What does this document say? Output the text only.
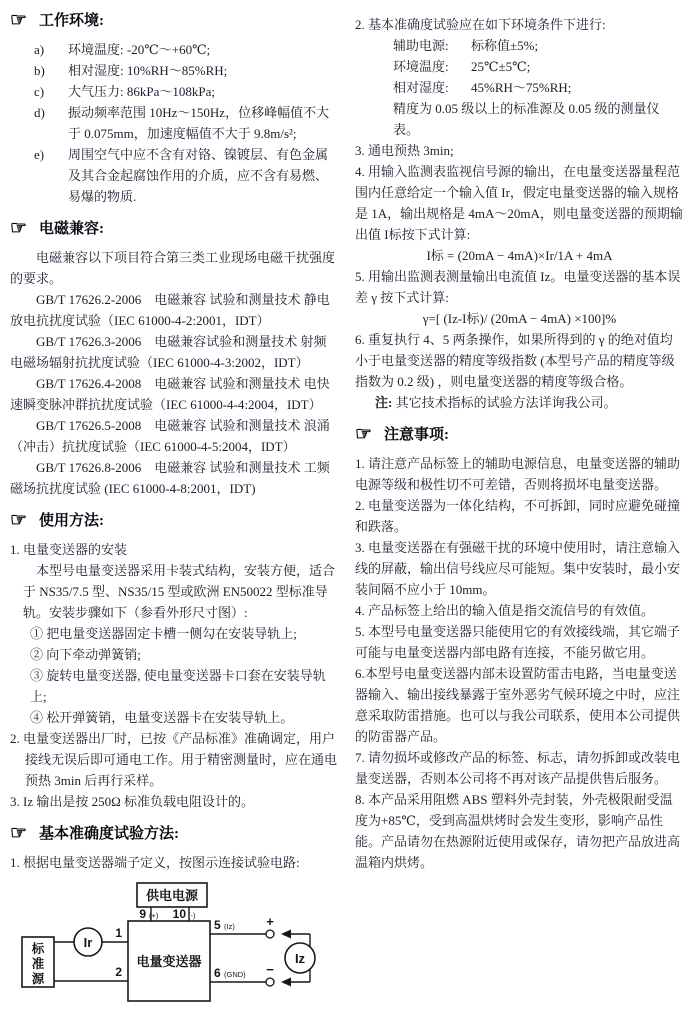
☞ 工作环境:
a)	环境温度: -20℃～+60℃;
b)	相对湿度: 10%RH～85%RH;
c)	大气压力: 86kPa～108kPa;
d)	振动频率范围 10Hz～150Hz，位移峰幅值不大于 0.075mm，加速度幅值不大于 9.8m/s²;
e)	周围空气中应不含有对铬、镍镀层、有色金属及其合金起腐蚀作用的介质，应不含有易燃、易爆的物质.
☞ 电磁兼容:

电磁兼容以下项目符合第三类工业现场电磁干扰强度的要求。

GB/T 17626.2-2006　电磁兼容 试验和测量技术 静电放电抗扰度试验（IEC 61000-4-2:2001，IDT）

GB/T 17626.3-2006　电磁兼容试验和测量技术 射频电磁场辐射抗扰度试验（IEC 61000-4-3:2002，IDT）

GB/T 17626.4-2008　电磁兼容 试验和测量技术 电快速瞬变脉冲群抗扰度试验（IEC 61000-4-4:2004，IDT）

GB/T 17626.5-2008　电磁兼容 试验和测量技术 浪涌（冲击）抗扰度试验（IEC 61000-4-5:2004，IDT）

GB/T 17626.8-2006　电磁兼容 试验和测量技术 工频磁场抗扰度试验 (IEC 61000-4-8:2001，IDT)

☞ 使用方法:

1. 电量变送器的安装

本型号电量变送器采用卡装式结构，安装方便，适合于 NS35/7.5 型、NS35/15 型或欧洲 EN50022 型标准导轨。安装步骤如下（参看外形尺寸图）:

① 把电量变送器固定卡槽一侧勾在安装导轨上;

② 向下牵动弹簧销;

③ 旋转电量变送器, 使电量变送器卡口套在安装导轨上;

④ 松开弹簧销，电量变送器卡在安装导轨上。

2. 电量变送器出厂时，已按《产品标准》准确调定，用户接线无误后即可通电工作。用于精密测量时，应在通电预热 3min 后再行采样。

3. Iz 输出是按 250Ω 标准负载电阻设计的。

☞ 基本准确度试验方法:

1. 根据电量变送器端子定义，按图示连接试验电路:

供电电源
电量变送器
9 (+) 10 (-)
标
准
源
Ir
1
2
5 (Iz) +
6 (GND) −
Iz

2. 基本准确度试验应在如下环境条件下进行:

辅助电源:	标称值±5%;
环境温度:	25℃±5℃;
相对湿度:	45%RH～75%RH;

精度为 0.05 级以上的标准源及 0.05 级的测量仪表。

3. 通电预热 3min;

4. 用输入监测表监视信号源的输出，在电量变送器量程范围内任意给定一个输入值 Ir，假定电量变送器的输入规格是 1A，输出规格是 4mA～20mA，则电量变送器的预期输出值 I标按下式计算:

I标 = (20mA − 4mA)×Ir/1A + 4mA

5. 用输出监测表测量输出电流值 Iz。电量变送器的基本误差 γ 按下式计算:

γ=[ (Iz-I标)/ (20mA − 4mA) ×100]%

6. 重复执行 4、5 两条操作，如果所得到的 γ 的绝对值均小于电量变送器的精度等级指数 (本型号产品的精度等级指数为 0.2 级) ，则电量变送器的精度等级合格。

注: 其它技术指标的试验方法详询我公司。

☞ 注意事项:

1. 请注意产品标签上的辅助电源信息，电量变送器的辅助电源等级和极性切不可差错，否则将损坏电量变送器。

2. 电量变送器为一体化结构，不可拆卸，同时应避免碰撞和跌落。

3. 电量变送器在有强磁干扰的环境中使用时，请注意输入线的屏蔽，输出信号线应尽可能短。集中安装时，最小安装间隔不应小于 10mm。

4. 产品标签上给出的输入值是指交流信号的有效值。

5. 本型号电量变送器只能使用它的有效接线端，其它端子可能与电量变送器内部电路有连接，不能另做它用。

6.本型号电量变送器内部未设置防雷击电路，当电量变送器输入、输出接线暴露于室外恶劣气候环境之中时，应注意采取防雷措施。也可以与我公司联系，使用本公司提供的防雷器产品。

7. 请勿损坏或修改产品的标签、标志，请勿拆卸或改装电量变送器，否则本公司将不再对该产品提供售后服务。

8. 本产品采用阻燃 ABS 塑料外壳封装，外壳极限耐受温度为+85℃，受到高温烘烤时会发生变形，影响产品性能。产品请勿在热源附近使用或保存，请勿把产品放进高温箱内烘烤。
